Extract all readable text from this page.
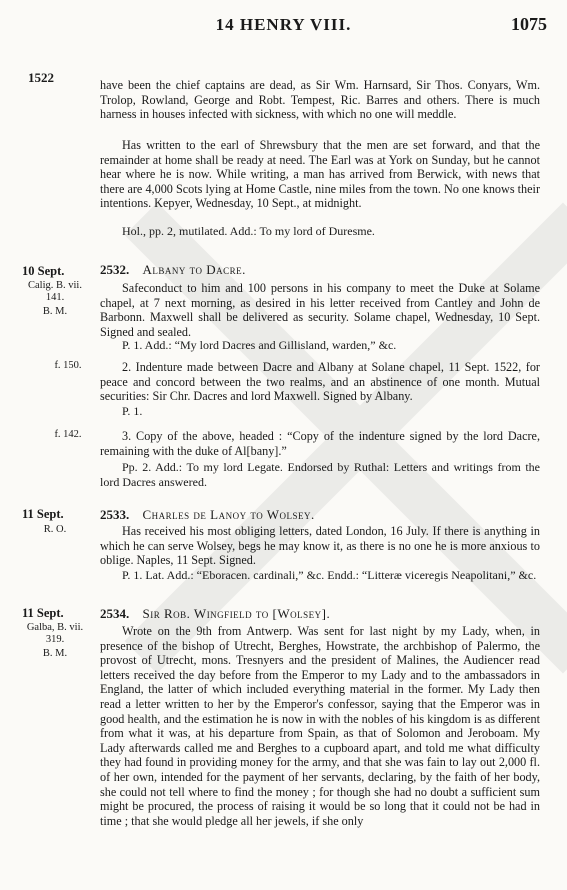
14 HENRY VIII.	1075
1522	have been the chief captains are dead, as Sir Wm. Harnsard, Sir Thos. Conyars, Wm. Trolop, Rowland, George and Robt. Tempest, Ric. Barres and others. There is much harness in houses infected with sickness, with which no one will meddle.
Has written to the earl of Shrewsbury that the men are set forward, and that the remainder at home shall be ready at need. The Earl was at York on Sunday, but he cannot hear where he is now. While writing, a man has arrived from Berwick, with news that there are 4,000 Scots lying at Home Castle, nine miles from the town. No one knows their intentions. Kepyer, Wednesday, 10 Sept., at midnight.
Hol., pp. 2, mutilated. Add.: To my lord of Duresme.
10 Sept.
Calig. B. vii. 141.
B. M.
2532. Albany to Dacre.
Safeconduct to him and 100 persons in his company to meet the Duke at Solame chapel, at 7 next morning, as desired in his letter received from Cantley and John de Barbonn. Maxwell shall be delivered as security. Solame chapel, Wednesday, 10 Sept. Signed and sealed.
P. 1. Add.: “My lord Dacres and Gillisland, warden,” &c.
f. 150.	2. Indenture made between Dacre and Albany at Solane chapel, 11 Sept. 1522, for peace and concord between the two realms, and an abstinence of one month. Mutual securities: Sir Chr. Dacres and lord Maxwell. Signed by Albany.
P. 1.
f. 142.	3. Copy of the above, headed : “Copy of the indenture signed by the lord Dacre, remaining with the duke of Al[bany].”
Pp. 2. Add.: To my lord Legate. Endorsed by Ruthal: Letters and writings from the lord Dacres answered.
11 Sept.
R. O.
2533. Charles de Lanoy to Wolsey.
Has received his most obliging letters, dated London, 16 July. If there is anything in which he can serve Wolsey, begs he may know it, as there is no one he is more anxious to oblige. Naples, 11 Sept. Signed.
P. 1. Lat. Add.: “Eboracen. cardinali,” &c. Endd.: “Litteræ viceregis Neapolitani,” &c.
11 Sept.
Galba, B. vii. 319.
B. M.
2534. Sir Rob. Wingfield to [Wolsey].
Wrote on the 9th from Antwerp. Was sent for last night by my Lady, when, in presence of the bishop of Utrecht, Berghes, Howstrate, the archbishop of Palermo, the provost of Utrecht, mons. Tresnyers and the president of Malines, the Audiencer read letters received the day before from the Emperor to my Lady and to the ambassadors in England, the latter of which included everything material in the former. My Lady then read a letter written to her by the Emperor's confessor, saying that the Emperor was in good health, and the estimation he is now in with the nobles of his kingdom is as different from what it was, at his departure from Spain, as that of Solomon and Jeroboam. My Lady afterwards called me and Berghes to a cupboard apart, and told me what difficulty they had found in providing money for the army, and that she was fain to lay out 2,000 fl. of her own, intended for the payment of her servants, declaring, by the faith of her body, she could not tell where to find the money ; for though she had no doubt a sufficient sum might be procured, the process of raising it would be so long that it could not be had in time ; that she would pledge all her jewels, if she only
